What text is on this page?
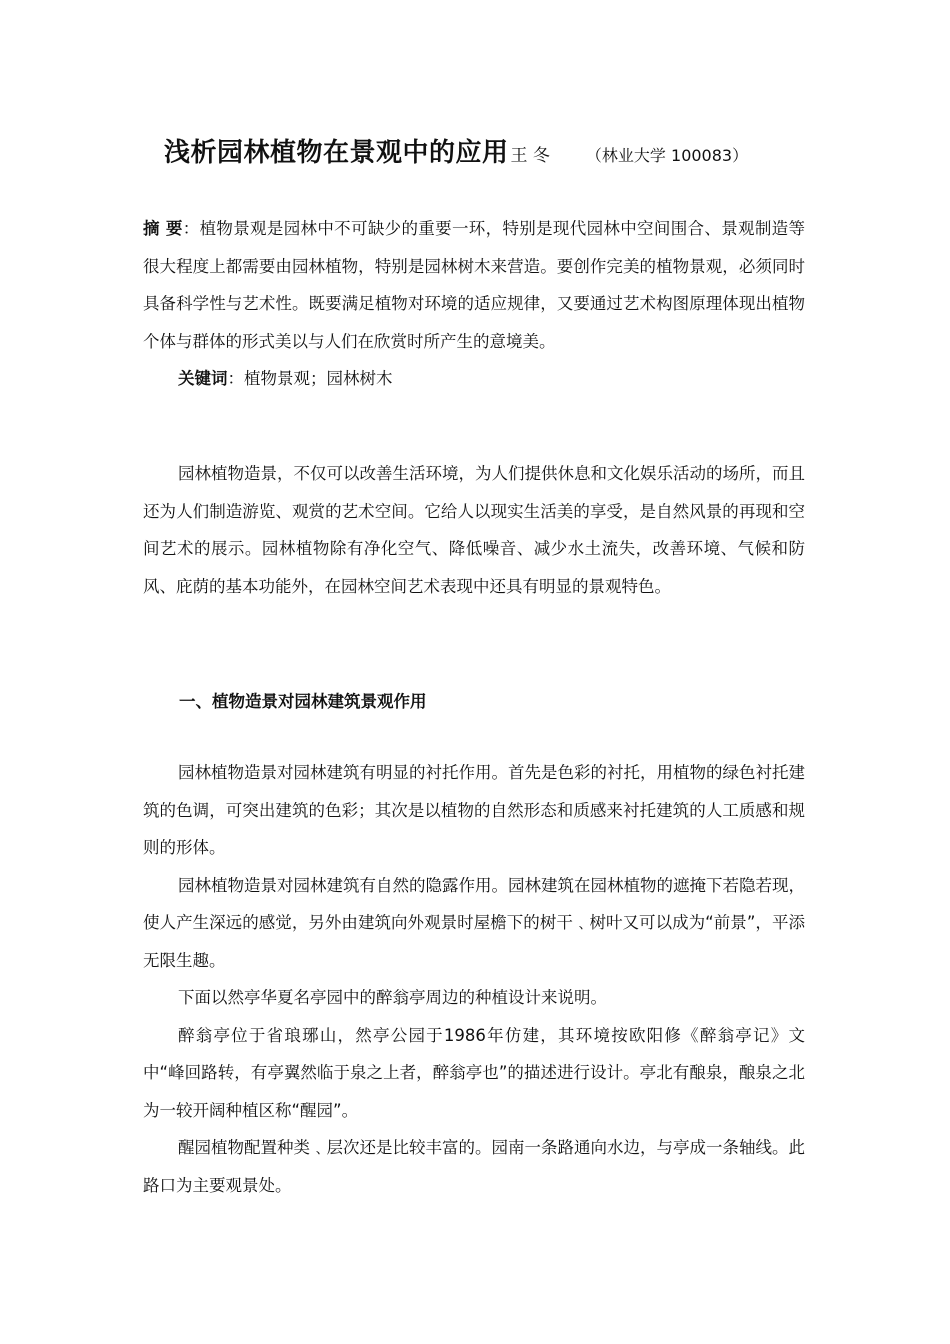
浅析园林植物在景观中的应用 王 冬 （林业大学 100083）

摘 要：植物景观是园林中不可缺少的重要一环，特别是现代园林中空间围合、景观制造等很大程度上都需要由园林植物，特别是园林树木来营造。要创作完美的植物景观，必须同时具备科学性与艺术性。既要满足植物对环境的适应规律，又要通过艺术构图原理体现出植物个体与群体的形式美以与人们在欣赏时所产生的意境美。

关键词：植物景观；园林树木

园林植物造景，不仅可以改善生活环境，为人们提供休息和文化娱乐活动的场所，而且还为人们制造游览、观赏的艺术空间。它给人以现实生活美的享受，是自然风景的再现和空间艺术的展示。园林植物除有净化空气、降低噪音、减少水土流失，改善环境、气候和防风、庇荫的基本功能外，在园林空间艺术表现中还具有明显的景观特色。

一、植物造景对园林建筑景观作用

园林植物造景对园林建筑有明显的衬托作用。首先是色彩的衬托，用植物的绿色衬托建筑的色调，可突出建筑的色彩；其次是以植物的自然形态和质感来衬托建筑的人工质感和规则的形体。

园林植物造景对园林建筑有自然的隐露作用。园林建筑在园林植物的遮掩下若隐若现，使人产生深远的感觉，另外由建筑向外观景时屋檐下的树干﹑树叶又可以成为“前景”，平添无限生趣。

下面以然亭华夏名亭园中的醉翁亭周边的种植设计来说明。

醉翁亭位于省琅琊山，然亭公园于1986年仿建，其环境按欧阳修《醉翁亭记》文中“峰回路转，有亭翼然临于泉之上者，醉翁亭也”的描述进行设计。亭北有酿泉，酿泉之北为一较开阔种植区称“醒园”。

醒园植物配置种类﹑层次还是比较丰富的。园南一条路通向水边，与亭成一条轴线。此路口为主要观景处。
